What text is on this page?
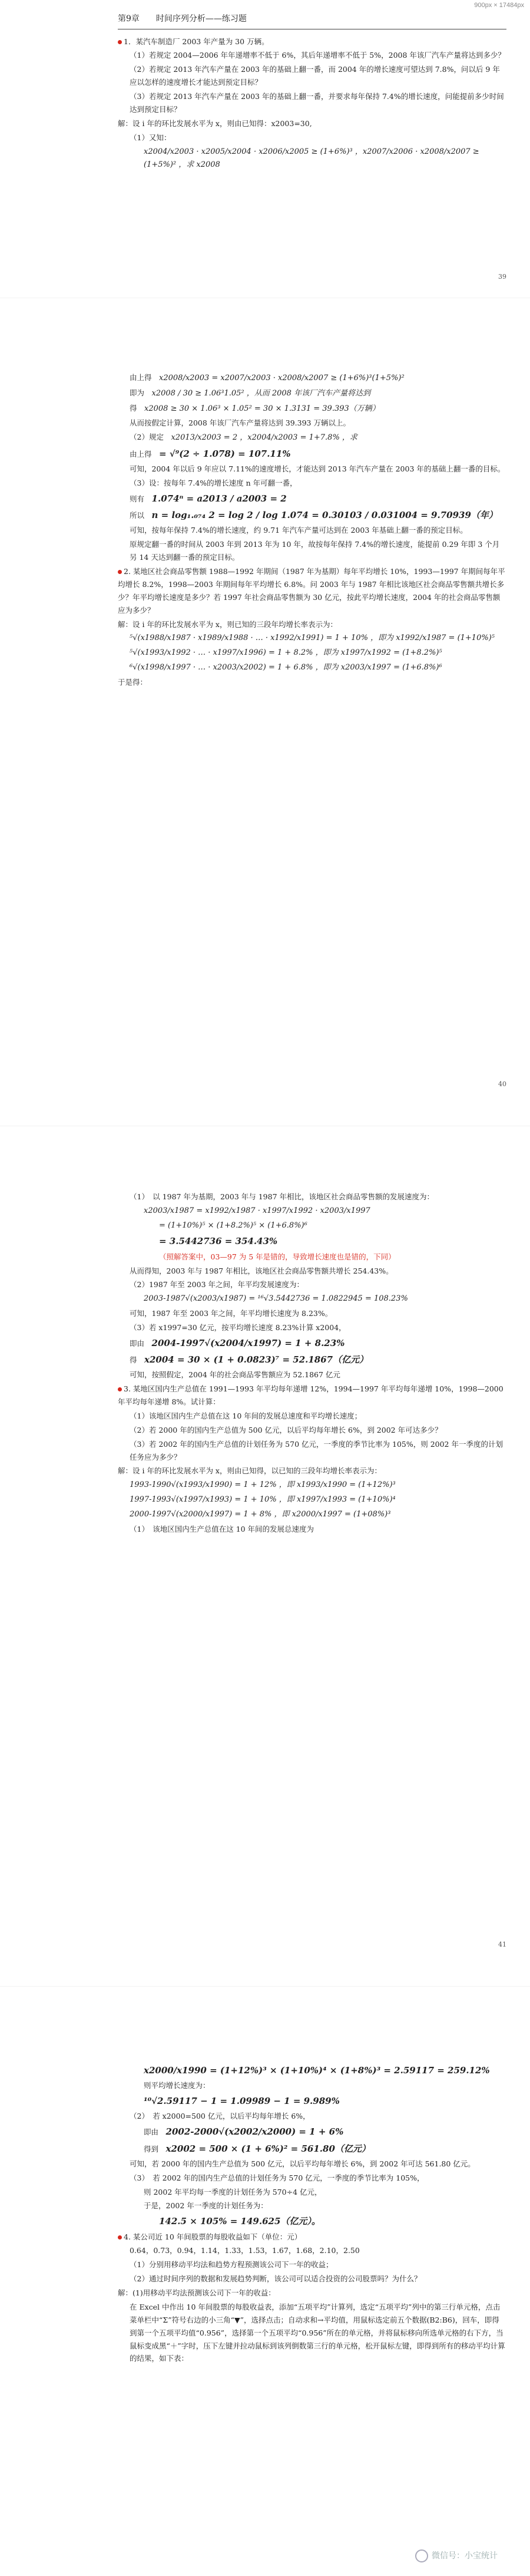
900px × 17484px
第9章　　时间序列分析——练习题

1．某汽车制造厂 2003 年产量为 30 万辆。

（1）若规定 2004—2006 年年递增率不低于 6%，其后年递增率不低于 5%，2008 年该厂汽车产量将达到多少？

（2）若规定 2013 年汽车产量在 2003 年的基础上翻一番，而 2004 年的增长速度可望达到 7.8%，问以后 9 年应以怎样的速度增长才能达到预定目标？

（3）若规定 2013 年汽车产量在 2003 年的基础上翻一番，并要求每年保持 7.4%的增长速度，问能提前多少时间达到预定目标？

解：设 i 年的环比发展水平为 x，则由已知得：x2003=30,

（1）又知：

x2004/x2003 · x2005/x2004 · x2006/x2005 ≥ (1+6%)³ ，x2007/x2006 · x2008/x2007 ≥ (1+5%)² ，求 x2008

39

由上得　 x2008/x2003 = x2007/x2003 · x2008/x2007 ≥ (1+6%)³(1+5%)²

即为　 x2008 / 30 ≥ 1.06³1.05² ，从而 2008 年该厂汽车产量将达到

得　 x2008 ≥ 30 × 1.06³ × 1.05² = 30 × 1.3131 = 39.393（万辆）

从而按假定计算，2008 年该厂汽车产量将达到 39.393 万辆以上。

（2）规定　 x2013/x2003 = 2 ，x2004/x2003 = 1+7.8% ，求

由上得　 = √⁹(2 ÷ 1.078) = 107.11%

可知，2004 年以后 9 年应以 7.11%的速度增长，才能达到 2013 年汽车产量在 2003 年的基础上翻一番的目标。

（3）设：按每年 7.4%的增长速度 n 年可翻一番，

则有　 1.074ⁿ = a2013 / a2003 = 2

所以　 n = log₁.₀₇₄ 2 = log 2 / log 1.074 = 0.30103 / 0.031004 = 9.70939（年）

可知，按每年保持 7.4%的增长速度，约 9.71 年汽车产量可达到在 2003 年基础上翻一番的预定目标。

原规定翻一番的时间从 2003 年到 2013 年为 10 年，故按每年保持 7.4%的增长速度，能提前 0.29 年即 3 个月另 14 天达到翻一番的预定目标。

2. 某地区社会商品零售额 1988—1992 年期间（1987 年为基期）每年平均增长 10%，1993—1997 年期间每年平均增长 8.2%，1998—2003 年期间每年平均增长 6.8%。问 2003 年与 1987 年相比该地区社会商品零售额共增长多少？年平均增长速度是多少？若 1997 年社会商品零售额为 30 亿元，按此平均增长速度，2004 年的社会商品零售额应为多少？

解：设 i 年的环比发展水平为 x，则已知的三段年均增长率表示为：

⁵√(x1988/x1987 · x1989/x1988 · … · x1992/x1991) = 1 + 10% ，即为 x1992/x1987 = (1+10%)⁵

⁵√(x1993/x1992 · … · x1997/x1996) = 1 + 8.2% ，即为 x1997/x1992 = (1+8.2%)⁵

⁶√(x1998/x1997 · … · x2003/x2002) = 1 + 6.8% ，即为 x2003/x1997 = (1+6.8%)⁶

于是得：

40

（1）　以 1987 年为基期，2003 年与 1987 年相比，该地区社会商品零售额的发展速度为：

x2003/x1987 = x1992/x1987 · x1997/x1992 · x2003/x1997

= (1+10%)⁵ × (1+8.2%)⁵ × (1+6.8%)⁶

= 3.5442736 = 354.43%

（照解答案中，03—97 为 5 年是错的，导致增长速度也是错的，下同）

从而得知，2003 年与 1987 年相比，该地区社会商品零售额共增长 254.43%。

（2）1987 年至 2003 年之间，年平均发展速度为：

2003-1987√(x2003/x1987) = ¹⁶√3.5442736 = 1.0822945 = 108.23%

可知，1987 年至 2003 年之间，年平均增长速度为 8.23%。

（3）若 x1997=30 亿元，按平均增长速度 8.23%计算 x2004，

即由　 2004-1997√(x2004/x1997) = 1 + 8.23%

得　 x2004 = 30 × (1 + 0.0823)⁷ = 52.1867（亿元）

可知，按照假定，2004 年的社会商品零售额应为 52.1867 亿元

3. 某地区国内生产总值在 1991—1993 年平均每年递增 12%，1994—1997 年平均每年递增 10%，1998—2000 年平均每年递增 8%。试计算：

（1）该地区国内生产总值在这 10 年间的发展总速度和平均增长速度；

（2）若 2000 年的国内生产总值为 500 亿元，以后平均每年增长 6%，到 2002 年可达多少？

（3）若 2002 年的国内生产总值的计划任务为 570 亿元，一季度的季节比率为 105%，则 2002 年一季度的计划任务应为多少？

解：设 i 年的环比发展水平为 x，则由已知得，以已知的三段年均增长率表示为：

1993-1990√(x1993/x1990) = 1 + 12% ，即 x1993/x1990 = (1+12%)³

1997-1993√(x1997/x1993) = 1 + 10% ，即 x1997/x1993 = (1+10%)⁴

2000-1997√(x2000/x1997) = 1 + 8% ，即 x2000/x1997 = (1+08%)³

（1）　该地区国内生产总值在这 10 年间的发展总速度为

41

x2000/x1990 = (1+12%)³ × (1+10%)⁴ × (1+8%)³ = 2.59117 = 259.12%

则平均增长速度为：

¹⁰√2.59117 − 1 = 1.09989 − 1 = 9.989%

（2）　若 x2000=500 亿元，以后平均每年增长 6%，

即由　 2002-2000√(x2002/x2000) = 1 + 6%

得到　 x2002 = 500 × (1 + 6%)² = 561.80（亿元）

可知，若 2000 年的国内生产总值为 500 亿元，以后平均每年增长 6%，到 2002 年可达 561.80 亿元。

（3）　若 2002 年的国内生产总值的计划任务为 570 亿元，一季度的季节比率为 105%，

则 2002 年平均每一季度的计划任务为 570÷4 亿元，

于是，2002 年一季度的计划任务为：

142.5 × 105% = 149.625（亿元）。

4. 某公司近 10 年间股票的每股收益如下（单位：元）

0.64，0.73，0.94，1.14，1.33，1.53，1.67，1.68，2.10，2.50

（1）分别用移动平均法和趋势方程预测该公司下一年的收益；

（2）通过时间序列的数据和发展趋势判断，该公司可以适合投资的公司股票吗？为什么？

解：(1)用移动平均法预测该公司下一年的收益：

在 Excel 中作出 10 年间股票的每股收益表，添加“五项平均”计算列，选定“五项平均”列中的第三行单元格，点击菜单栏中“Σ”符号右边的小三角“▼”，选择点击；自动求和→平均值，用鼠标选定前五个数据(B2:B6)，回车，即得到第一个五项平均值“0.956”，选择第一个五项平均“0.956”所在的单元格，并将鼠标移向所选单元格的右下方，当鼠标变成黑“＋”字时，压下左键并拉动鼠标到该列倒数第三行的单元格，松开鼠标左键，即得到所有的移动平均计算的结果，如下表：

微信号：小宝统计
